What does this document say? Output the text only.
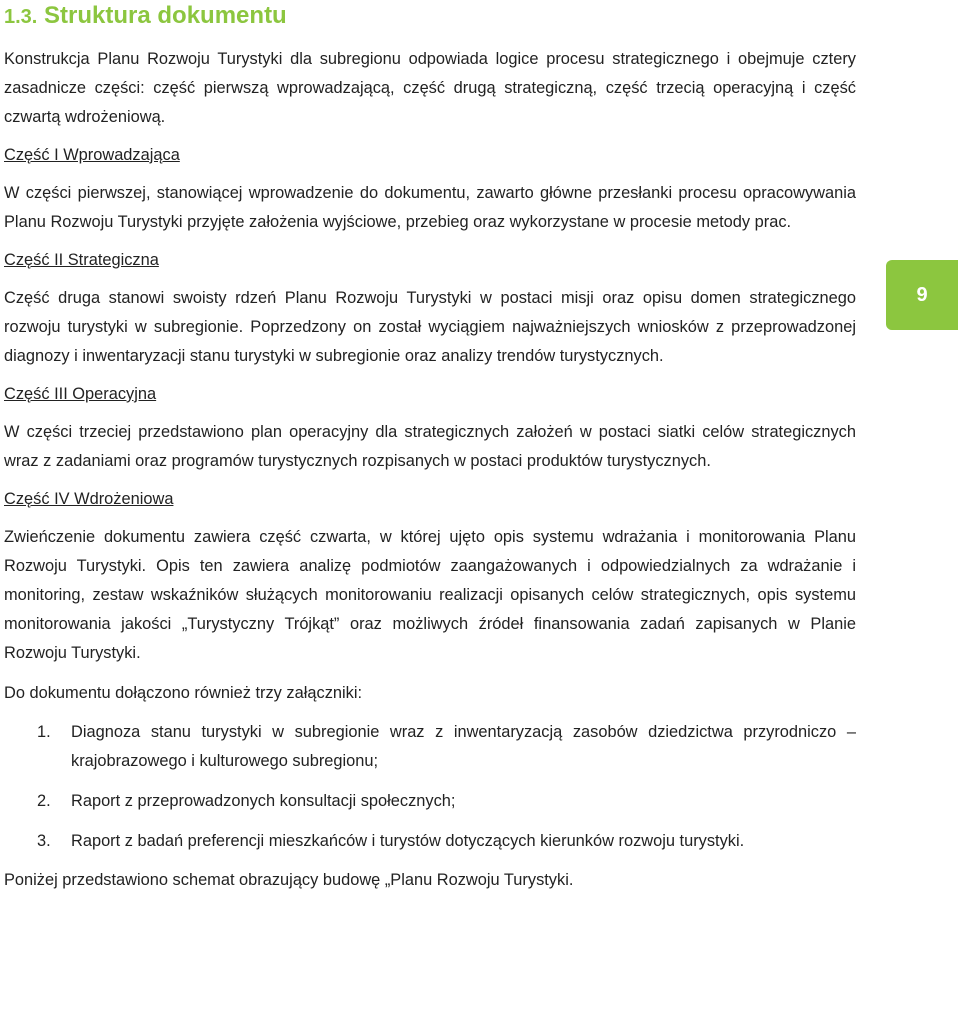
1.3. Struktura dokumentu

Konstrukcja Planu Rozwoju Turystyki dla subregionu odpowiada logice procesu strategicznego i obejmuje cztery zasadnicze części: część pierwszą wprowadzającą, część drugą strategiczną, część trzecią operacyjną i część czwartą wdrożeniową.

Część I Wprowadzająca

W części pierwszej, stanowiącej wprowadzenie do dokumentu, zawarto główne przesłanki procesu opracowywania Planu Rozwoju Turystyki przyjęte założenia wyjściowe, przebieg oraz wykorzystane w procesie metody prac.

Część II Strategiczna

Część druga stanowi swoisty rdzeń Planu Rozwoju Turystyki w postaci misji oraz opisu domen strategicznego rozwoju turystyki w subregionie. Poprzedzony on został wyciągiem najważniejszych wniosków z przeprowadzonej diagnozy i inwentaryzacji stanu turystyki w subregionie oraz analizy trendów turystycznych.

Część III Operacyjna

W części trzeciej przedstawiono plan operacyjny dla strategicznych założeń w postaci siatki celów strategicznych wraz z zadaniami oraz programów turystycznych rozpisanych w postaci produktów turystycznych.

Część IV Wdrożeniowa

Zwieńczenie dokumentu zawiera część czwarta, w której ujęto opis systemu wdrażania i monitorowania Planu Rozwoju Turystyki. Opis ten zawiera analizę podmiotów zaangażowanych i odpowiedzialnych za wdrażanie i monitoring, zestaw wskaźników służących monitorowaniu realizacji opisanych celów strategicznych, opis systemu monitorowania jakości „Turystyczny Trójkąt” oraz możliwych źródeł finansowania zadań zapisanych w Planie Rozwoju Turystyki.

Do dokumentu dołączono również trzy załączniki:

1. Diagnoza stanu turystyki w subregionie wraz z inwentaryzacją zasobów dziedzictwa przyrodniczo – krajobrazowego i kulturowego subregionu;
2. Raport z przeprowadzonych konsultacji społecznych;
3. Raport z badań preferencji mieszkańców i turystów dotyczących kierunków rozwoju turystyki.

Poniżej przedstawiono schemat obrazujący budowę „Planu Rozwoju Turystyki.

9
